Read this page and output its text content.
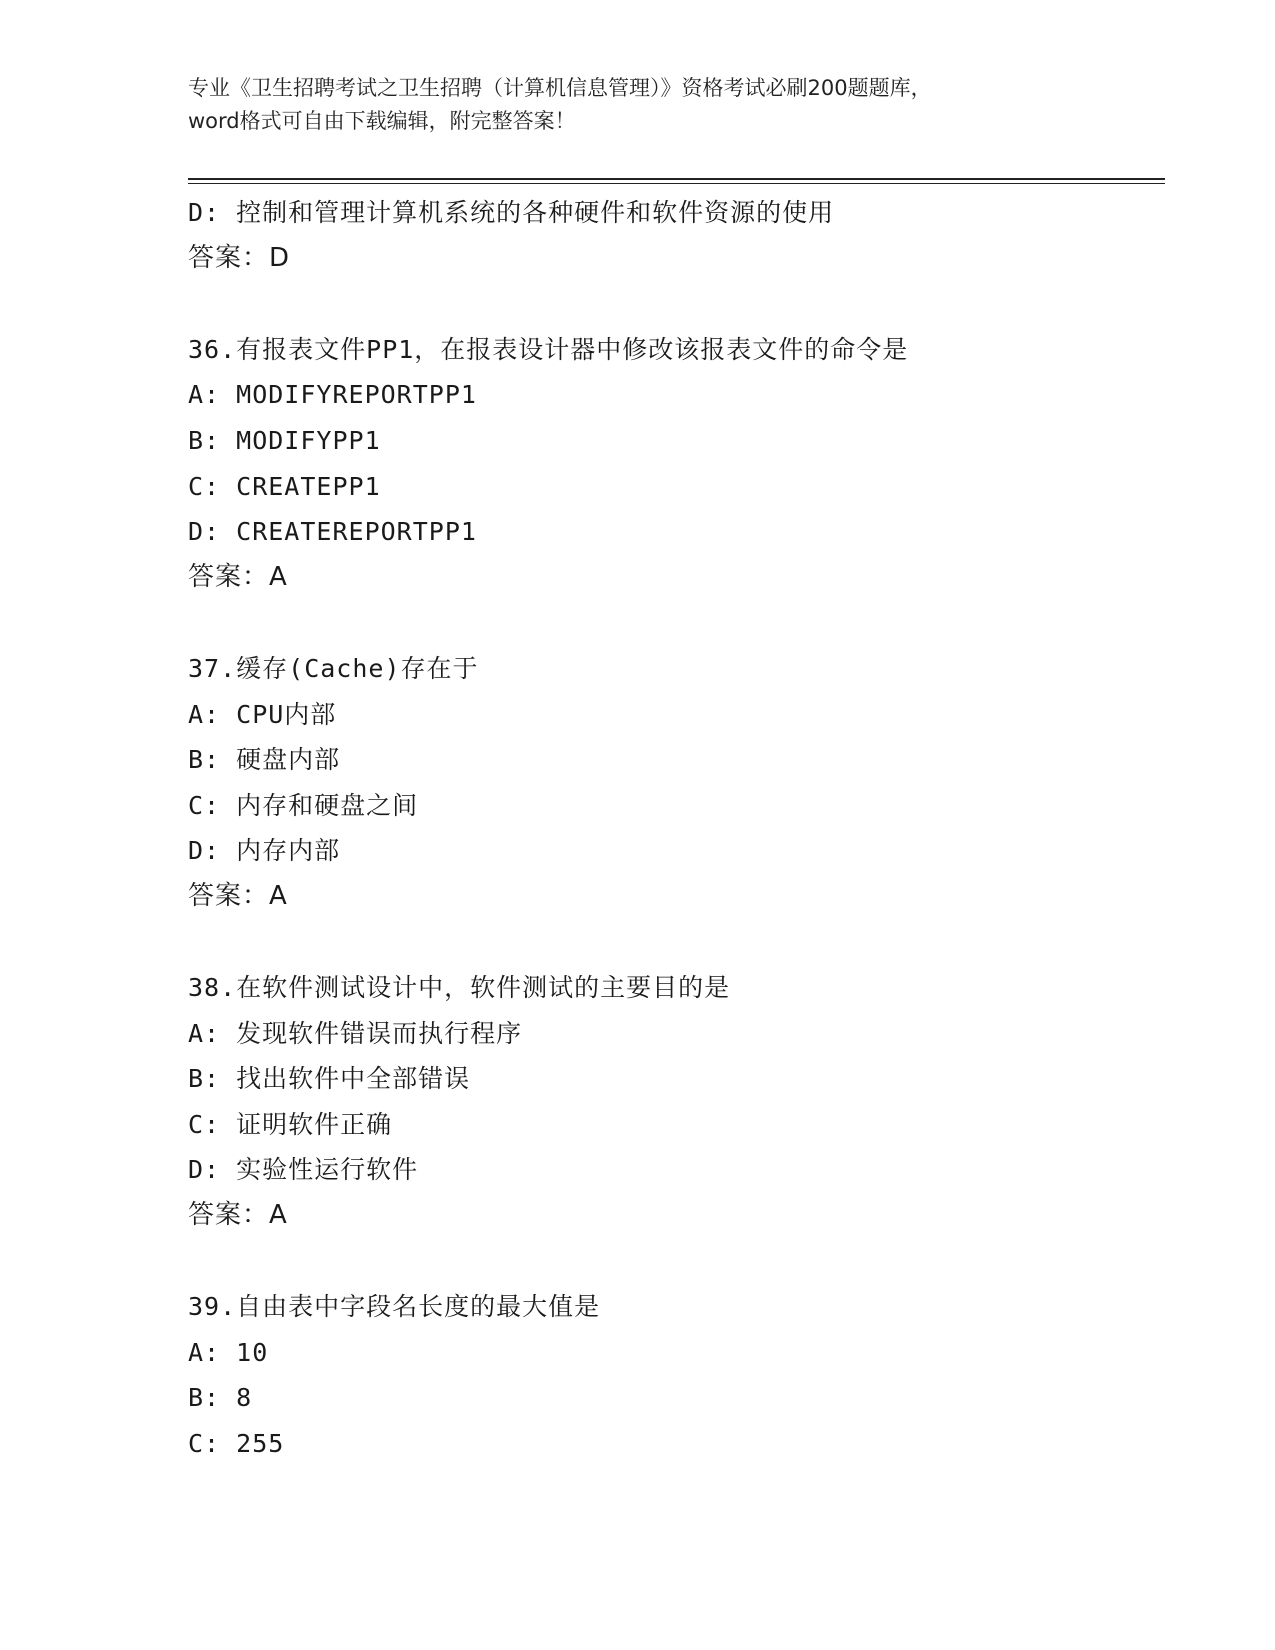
专业《卫生招聘考试之卫生招聘（计算机信息管理）》资格考试必刷200题题库，
word格式可自由下载编辑，附完整答案！
D: 控制和管理计算机系统的各种硬件和软件资源的使用
答案：D
36.有报表文件PP1，在报表设计器中修改该报表文件的命令是
A: MODIFYREPORTPP1
B: MODIFYPP1
C: CREATEPP1
D: CREATEREPORTPP1
答案：A
37.缓存(Cache)存在于
A: CPU内部
B: 硬盘内部
C: 内存和硬盘之间
D: 内存内部
答案：A
38.在软件测试设计中，软件测试的主要目的是
A: 发现软件错误而执行程序
B: 找出软件中全部错误
C: 证明软件正确
D: 实验性运行软件
答案：A
39.自由表中字段名长度的最大值是
A: 10
B: 8
C: 255
